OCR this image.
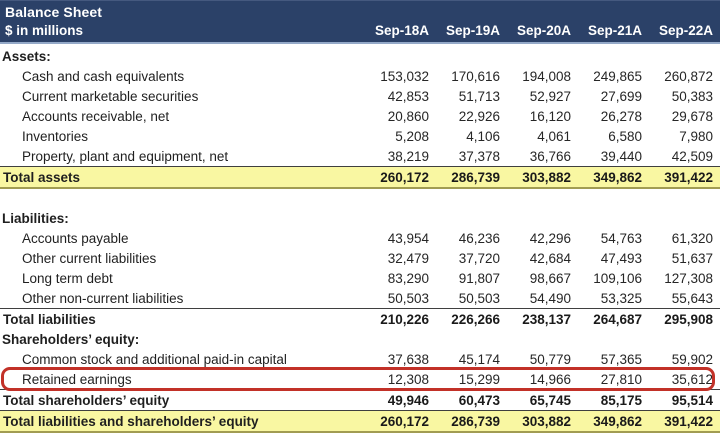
Balance Sheet
$ in millions	Sep-18A	Sep-19A	Sep-20A	Sep-21A	Sep-22A
Assets:
Cash and cash equivalents	153,032	170,616	194,008	249,865	260,872
Current marketable securities	42,853	51,713	52,927	27,699	50,383
Accounts receivable, net	20,860	22,926	16,120	26,278	29,678
Inventories	5,208	4,106	4,061	6,580	7,980
Property, plant and equipment, net	38,219	37,378	36,766	39,440	42,509
Total assets	260,172	286,739	303,882	349,862	391,422
Liabilities:
Accounts payable	43,954	46,236	42,296	54,763	61,320
Other current liabilities	32,479	37,720	42,684	47,493	51,637
Long term debt	83,290	91,807	98,667	109,106	127,308
Other non-current liabilities	50,503	50,503	54,490	53,325	55,643
Total liabilities	210,226	226,266	238,137	264,687	295,908
Shareholders’ equity:
Common stock and additional paid-in capital	37,638	45,174	50,779	57,365	59,902
Retained earnings	12,308	15,299	14,966	27,810	35,612
Total shareholders’ equity	49,946	60,473	65,745	85,175	95,514
Total liabilities and shareholders’ equity	260,172	286,739	303,882	349,862	391,422
